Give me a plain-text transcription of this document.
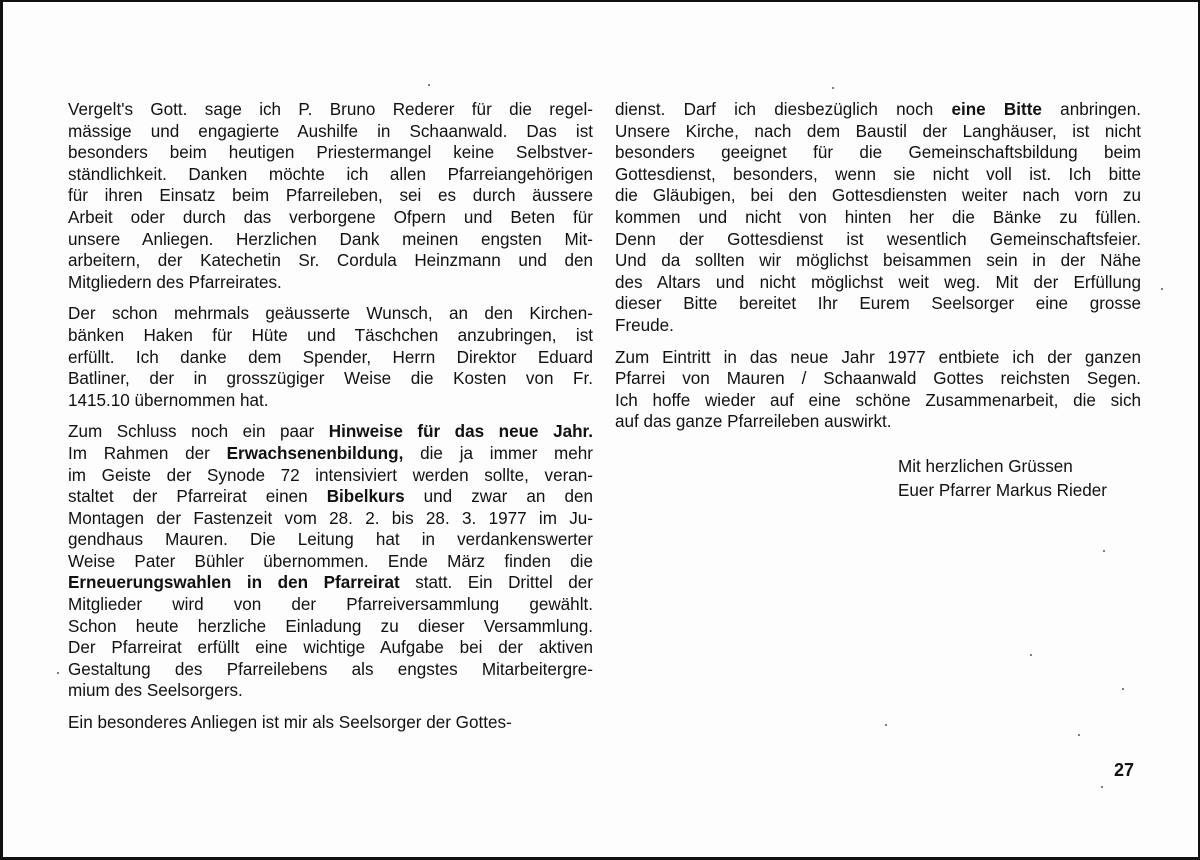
Vergelt's Gott. sage ich P. Bruno Rederer für die regel-
mässige und engagierte Aushilfe in Schaanwald. Das ist
besonders beim heutigen Priestermangel keine Selbstver-
ständlichkeit. Danken möchte ich allen Pfarreiangehörigen
für ihren Einsatz beim Pfarreileben, sei es durch äussere
Arbeit oder durch das verborgene Ofpern und Beten für
unsere Anliegen. Herzlichen Dank meinen engsten Mit-
arbeitern, der Katechetin Sr. Cordula Heinzmann und den
Mitgliedern des Pfarreirates.
Der schon mehrmals geäusserte Wunsch, an den Kirchen-
bänken Haken für Hüte und Täschchen anzubringen, ist
erfüllt. Ich danke dem Spender, Herrn Direktor Eduard
Batliner, der in grosszügiger Weise die Kosten von Fr.
1415.10 übernommen hat.
Zum Schluss noch ein paar Hinweise für das neue Jahr.
Im Rahmen der Erwachsenenbildung, die ja immer mehr
im Geiste der Synode 72 intensiviert werden sollte, veran-
staltet der Pfarreirat einen Bibelkurs und zwar an den
Montagen der Fastenzeit vom 28. 2. bis 28. 3. 1977 im Ju-
gendhaus Mauren. Die Leitung hat in verdankenswerter
Weise Pater Bühler übernommen. Ende März finden die
Erneuerungswahlen in den Pfarreirat statt. Ein Drittel der
Mitglieder wird von der Pfarreiversammlung gewählt.
Schon heute herzliche Einladung zu dieser Versammlung.
Der Pfarreirat erfüllt eine wichtige Aufgabe bei der aktiven
Gestaltung des Pfarreilebens als engstes Mitarbeitergre-
mium des Seelsorgers.
Ein besonderes Anliegen ist mir als Seelsorger der Gottes-
dienst. Darf ich diesbezüglich noch eine Bitte anbringen.
Unsere Kirche, nach dem Baustil der Langhäuser, ist nicht
besonders geeignet für die Gemeinschaftsbildung beim
Gottesdienst, besonders, wenn sie nicht voll ist. Ich bitte
die Gläubigen, bei den Gottesdiensten weiter nach vorn zu
kommen und nicht von hinten her die Bänke zu füllen.
Denn der Gottesdienst ist wesentlich Gemeinschaftsfeier.
Und da sollten wir möglichst beisammen sein in der Nähe
des Altars und nicht möglichst weit weg. Mit der Erfüllung
dieser Bitte bereitet Ihr Eurem Seelsorger eine grosse
Freude.
Zum Eintritt in das neue Jahr 1977 entbiete ich der ganzen
Pfarrei von Mauren / Schaanwald Gottes reichsten Segen.
Ich hoffe wieder auf eine schöne Zusammenarbeit, die sich
auf das ganze Pfarreileben auswirkt.
Mit herzlichen Grüssen
Euer Pfarrer Markus Rieder
27
